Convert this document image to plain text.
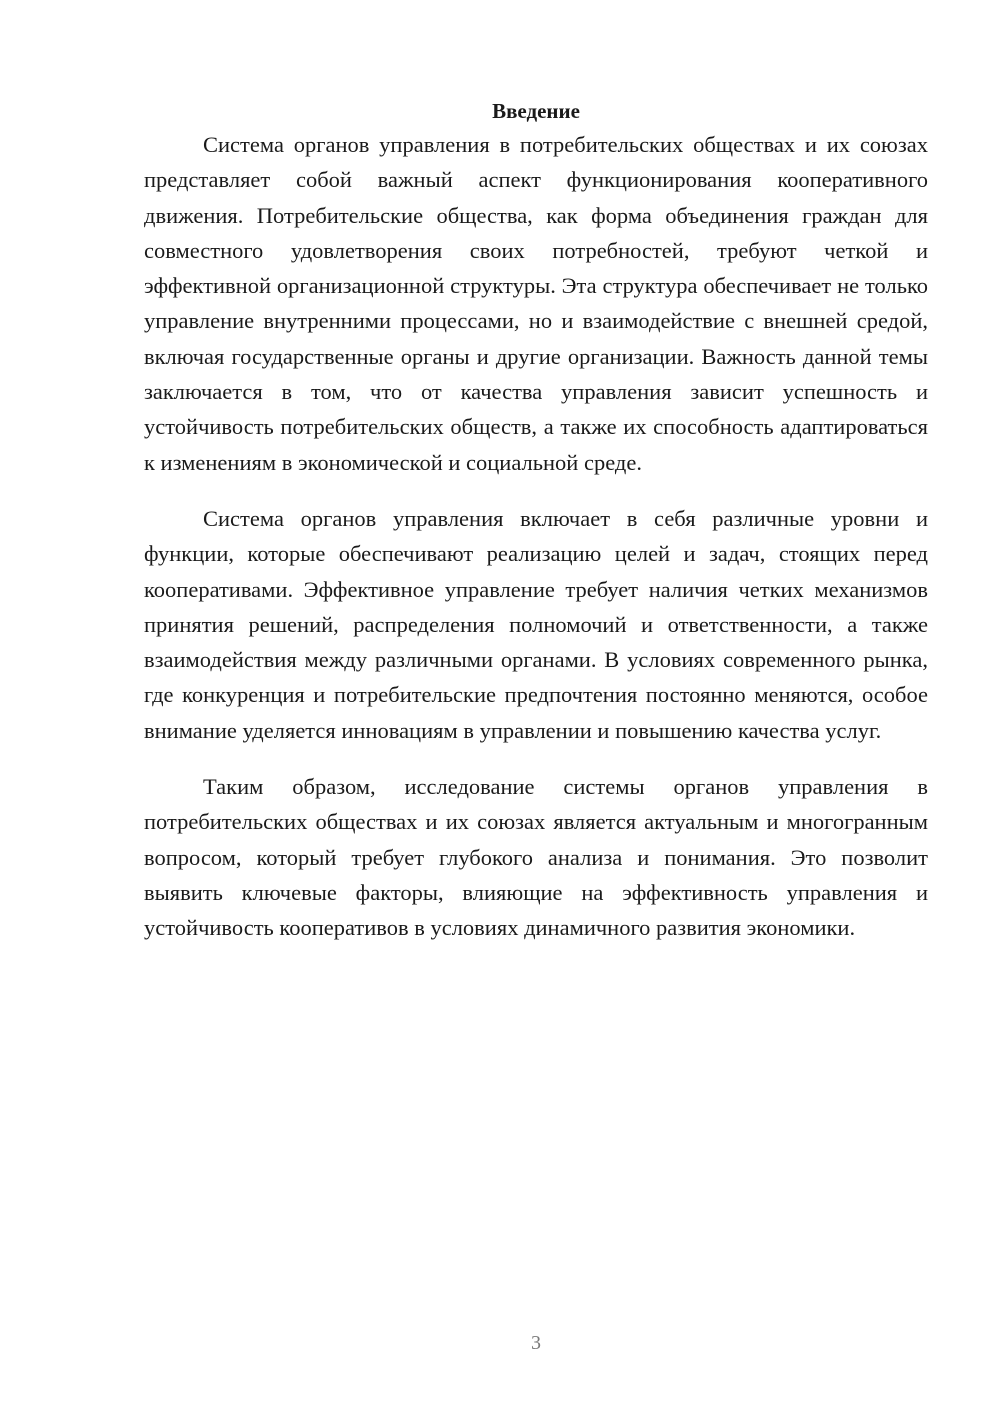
Введение

Система органов управления в потребительских обществах и их союзах представляет собой важный аспект функционирования кооперативного движения. Потребительские общества, как форма объединения граждан для совместного удовлетворения своих потребностей, требуют четкой и эффективной организационной структуры. Эта структура обеспечивает не только управление внутренними процессами, но и взаимодействие с внешней средой, включая государственные органы и другие организации. Важность данной темы заключается в том, что от качества управления зависит успешность и устойчивость потребительских обществ, а также их способность адаптироваться к изменениям в экономической и социальной среде.

Система органов управления включает в себя различные уровни и функции, которые обеспечивают реализацию целей и задач, стоящих перед кооперативами. Эффективное управление требует наличия четких механизмов принятия решений, распределения полномочий и ответственности, а также взаимодействия между различными органами. В условиях современного рынка, где конкуренция и потребительские предпочтения постоянно меняются, особое внимание уделяется инновациям в управлении и повышению качества услуг.

Таким образом, исследование системы органов управления в потребительских обществах и их союзах является актуальным и многогранным вопросом, который требует глубокого анализа и понимания. Это позволит выявить ключевые факторы, влияющие на эффективность управления и устойчивость кооперативов в условиях динамичного развития экономики.

3
